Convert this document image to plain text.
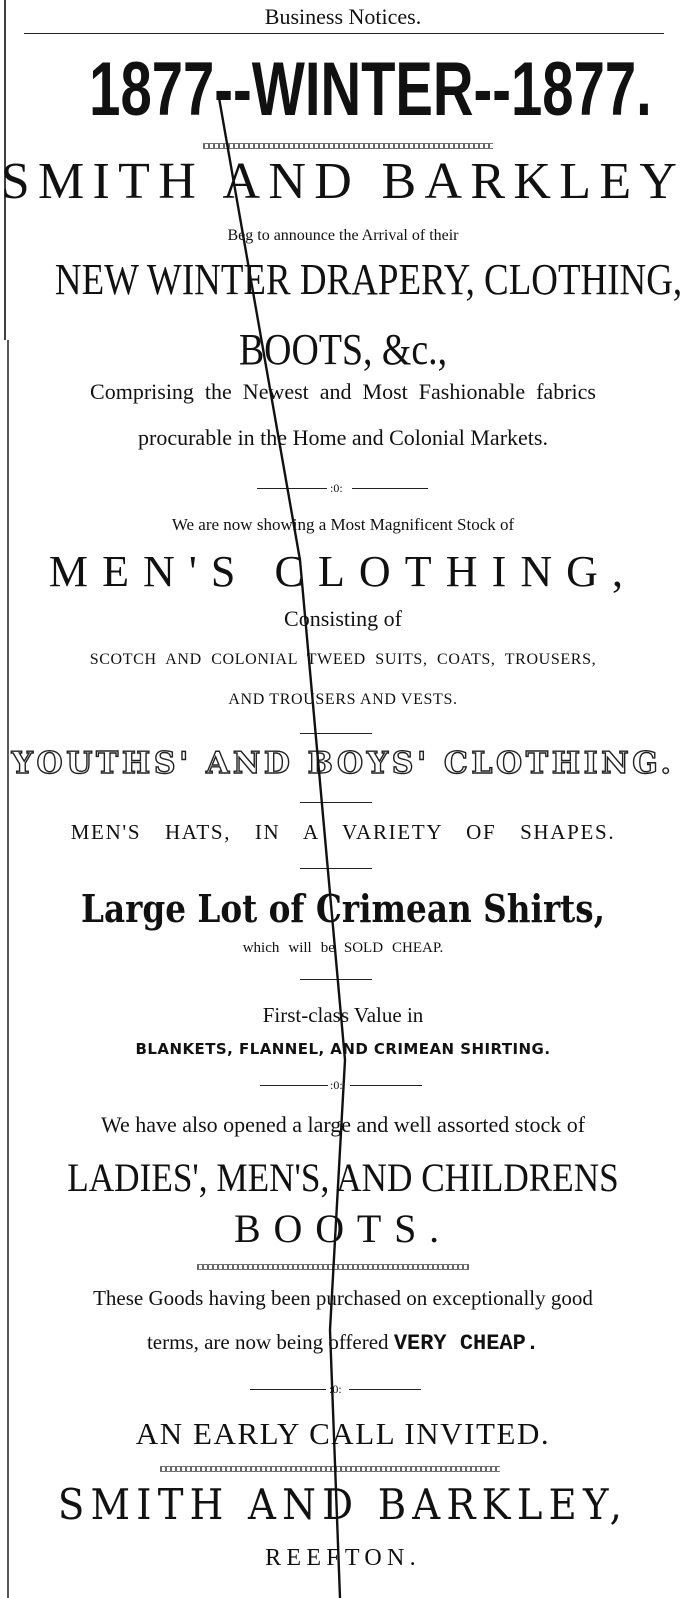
Business Notices.
1877--WINTER--1877.
SMITH AND BARKLEY
Beg to announce the Arrival of their
NEW WINTER DRAPERY, CLOTHING,
BOOTS, &c.,
Comprising the Newest and Most Fashionable fabrics
procurable in the Home and Colonial Markets.
:0:
We are now showing a Most Magnificent Stock of
MEN'S CLOTHING,
Consisting of
SCOTCH AND COLONIAL TWEED SUITS, COATS, TROUSERS,
AND TROUSERS AND VESTS.
YOUTHS' AND BOYS' CLOTHING.
MEN'S HATS, IN A VARIETY OF SHAPES.
Large Lot of Crimean Shirts,
which will be SOLD CHEAP.
First-class Value in
BLANKETS, FLANNEL, AND CRIMEAN SHIRTING.
:0:
We have also opened a large and well assorted stock of
LADIES', MEN'S, AND CHILDRENS
BOOTS.
These Goods having been purchased on exceptionally good
terms, are now being offered VERY CHEAP.
:0:
AN EARLY CALL INVITED.
SMITH AND BARKLEY,
REEFTON.
